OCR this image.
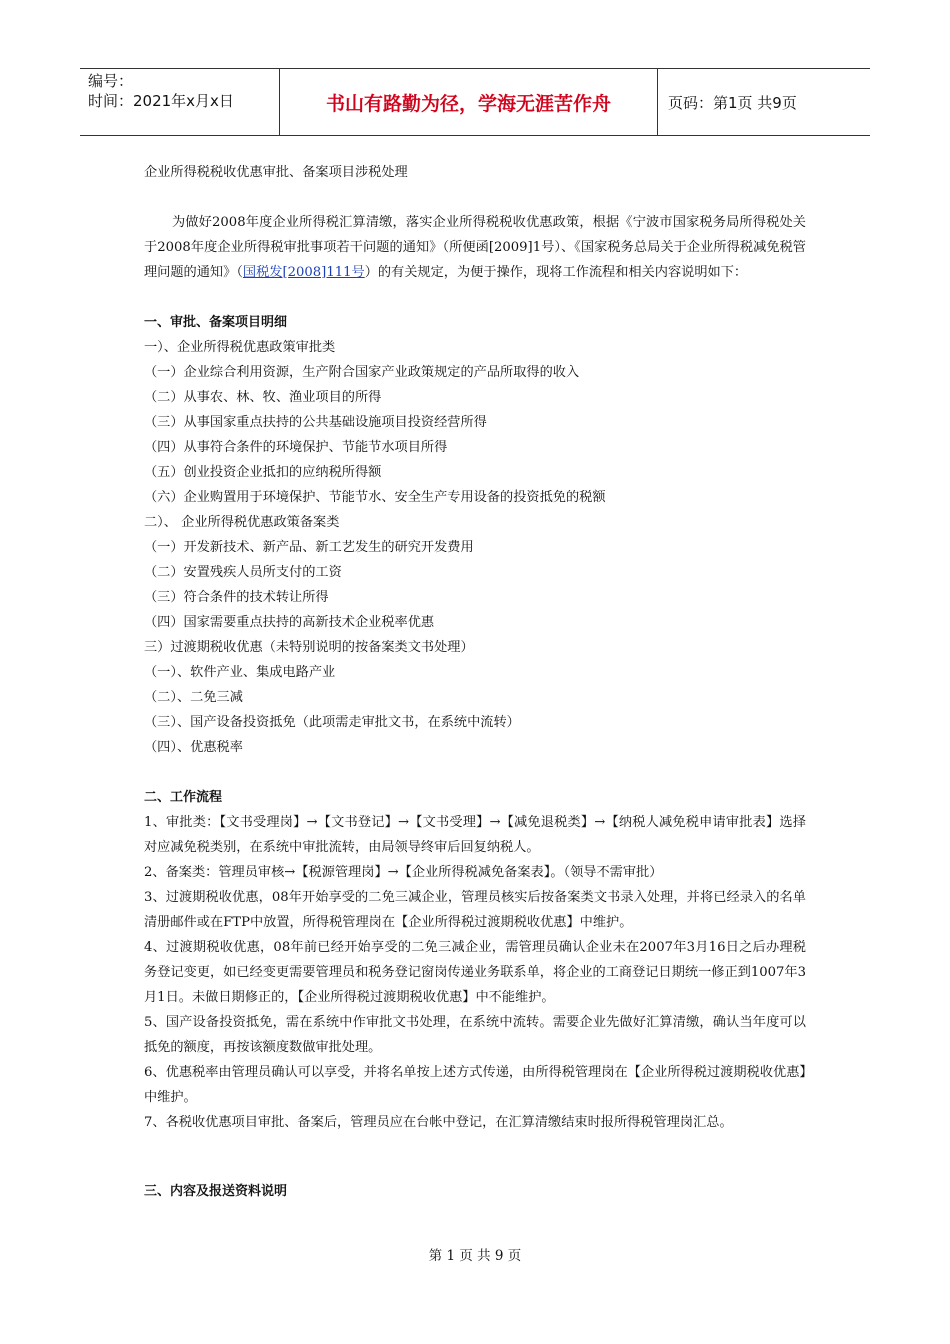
编号：
时间：2021年x月x日	书山有路勤为径，学海无涯苦作舟	页码：第1页 共9页

企业所得税税收优惠审批、备案项目涉税处理

为做好2008年度企业所得税汇算清缴，落实企业所得税税收优惠政策，根据《宁波市国家税务局所得税处关于2008年度企业所得税审批事项若干问题的通知》（所便函[2009]1号）、《国家税务总局关于企业所得税减免税管理问题的通知》（国税发[2008]111号）的有关规定，为便于操作，现将工作流程和相关内容说明如下：

一、审批、备案项目明细

一）、企业所得税优惠政策审批类

（一）企业综合利用资源，生产附合国家产业政策规定的产品所取得的收入

（二）从事农、林、牧、渔业项目的所得

（三）从事国家重点扶持的公共基础设施项目投资经营所得

（四）从事符合条件的环境保护、节能节水项目所得

（五）创业投资企业抵扣的应纳税所得额

（六）企业购置用于环境保护、节能节水、安全生产专用设备的投资抵免的税额

二）、 企业所得税优惠政策备案类

（一）开发新技术、新产品、新工艺发生的研究开发费用

（二）安置残疾人员所支付的工资

（三）符合条件的技术转让所得

（四）国家需要重点扶持的高新技术企业税率优惠

三）过渡期税收优惠（未特别说明的按备案类文书处理）

（一）、软件产业、集成电路产业

（二）、二免三减

（三）、国产设备投资抵免（此项需走审批文书，在系统中流转）

（四）、优惠税率

二、工作流程

1、审批类：【文书受理岗】→【文书登记】→【文书受理】→【减免退税类】→【纳税人减免税申请审批表】选择对应减免税类别，在系统中审批流转，由局领导终审后回复纳税人。

2、备案类：管理员审核→【税源管理岗】→【企业所得税减免备案表】。（领导不需审批）

3、过渡期税收优惠，08年开始享受的二免三减企业，管理员核实后按备案类文书录入处理，并将已经录入的名单清册邮件或在FTP中放置，所得税管理岗在【企业所得税过渡期税收优惠】中维护。

4、过渡期税收优惠，08年前已经开始享受的二免三减企业，需管理员确认企业未在2007年3月16日之后办理税务登记变更，如已经变更需要管理员和税务登记窗岗传递业务联系单，将企业的工商登记日期统一修正到1007年3月1日。未做日期修正的，【企业所得税过渡期税收优惠】中不能维护。

5、国产设备投资抵免，需在系统中作审批文书处理，在系统中流转。需要企业先做好汇算清缴，确认当年度可以抵免的额度，再按该额度数做审批处理。

6、优惠税率由管理员确认可以享受，并将名单按上述方式传递，由所得税管理岗在【企业所得税过渡期税收优惠】中维护。

7、各税收优惠项目审批、备案后，管理员应在台帐中登记，在汇算清缴结束时报所得税管理岗汇总。

三、内容及报送资料说明

第 1 页 共 9 页
